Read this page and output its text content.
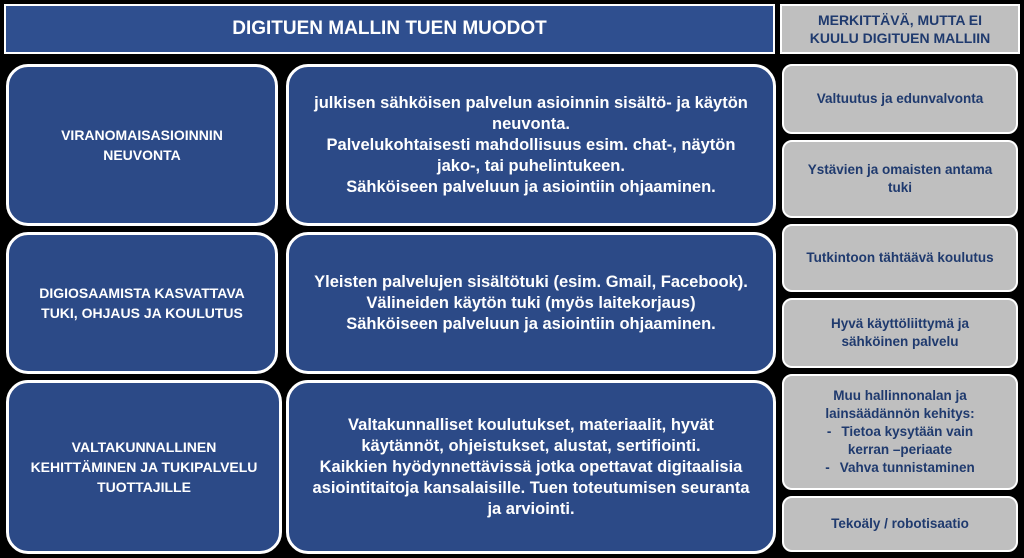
DIGITUEN MALLIN TUEN MUODOT	MERKITTÄVÄ, MUTTA EI
KUULU DIGITUEN MALLIIN
VIRANOMAISASIOINNIN
NEUVONTA
julkisen sähköisen palvelun asioinnin sisältö- ja käytön
neuvonta.
Palvelukohtaisesti mahdollisuus esim. chat-, näytön
jako-, tai puhelintukeen.
Sähköiseen palveluun ja asiointiin ohjaaminen.
DIGIOSAAMISTA KASVATTAVA
TUKI, OHJAUS JA KOULUTUS
Yleisten palvelujen sisältötuki (esim. Gmail, Facebook).
Välineiden käytön tuki (myös laitekorjaus)
Sähköiseen palveluun ja asiointiin ohjaaminen.
VALTAKUNNALLINEN
KEHITTÄMINEN JA TUKIPALVELU
TUOTTAJILLE
Valtakunnalliset koulutukset, materiaalit, hyvät
käytännöt, ohjeistukset, alustat, sertifiointi.
Kaikkien hyödynnettävissä jotka opettavat digitaalisia
asiointitaitoja kansalaisille. Tuen toteutumisen seuranta
ja arviointi.
Valtuutus ja edunvalvonta
Ystävien ja omaisten antama
tuki
Tutkintoon tähtäävä koulutus
Hyvä käyttöliittymä ja
sähköinen palvelu
Muu hallinnonalan ja
lainsäädännön kehitys:
- Tietoa kysytään vain
kerran –periaate
- Vahva tunnistaminen
Tekoäly / robotisaatio
